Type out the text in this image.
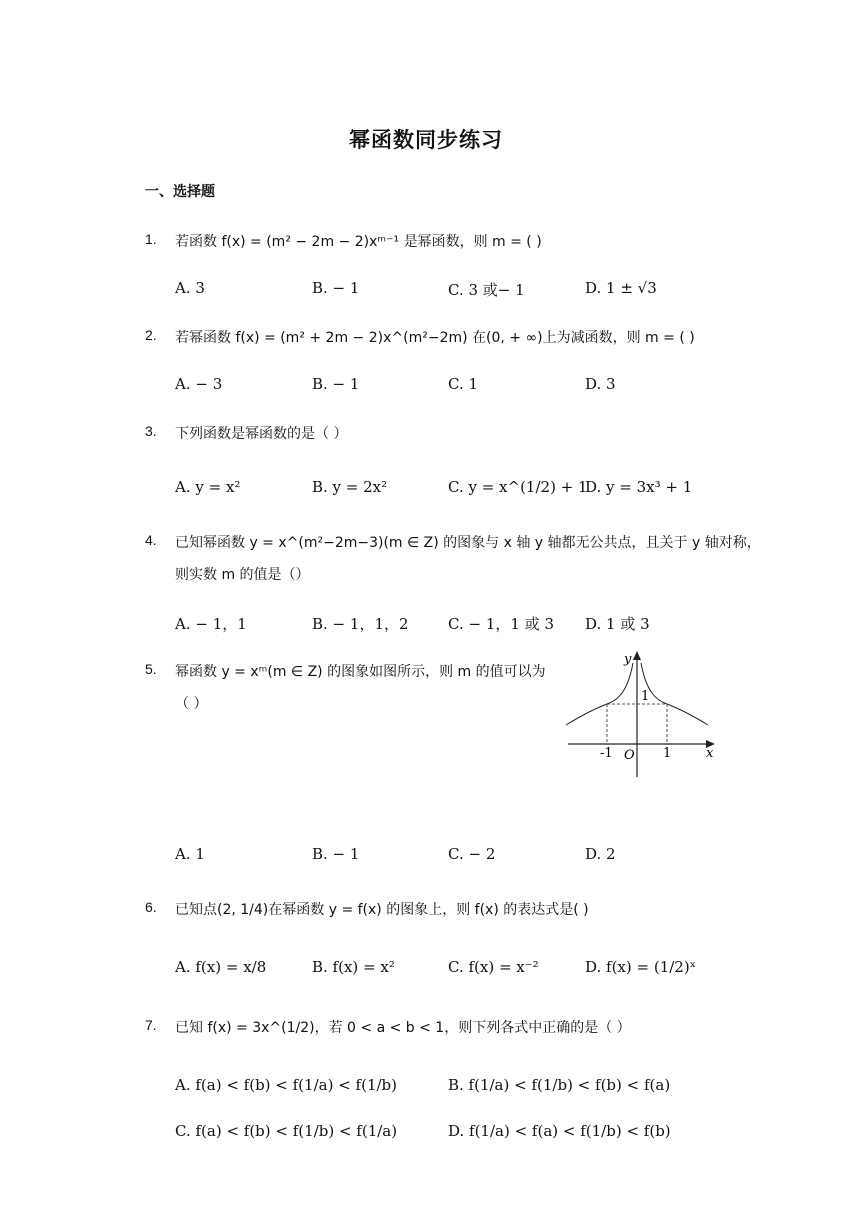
幂函数同步练习
一、选择题
1. 若函数 f(x) = (m² − 2m − 2)xᵐ⁻¹ 是幂函数，则 m = ( )
A. 3	B. − 1	C. 3 或− 1	D. 1 ± √3
2. 若幂函数 f(x) = (m² + 2m − 2)x^(m²−2m) 在(0, + ∞)上为减函数，则 m = ( )
A. − 3	B. − 1	C. 1	D. 3
3. 下列函数是幂函数的是（ ）
A. y = x²	B. y = 2x²	C. y = x^(1/2) + 1
D. y = 3x³ + 1
4. 已知幂函数 y = x^(m²−2m−3)(m ∈ Z) 的图象与 x 轴 y 轴都无公共点，且关于 y 轴对称，
则实数 m 的值是（）
A. − 1，1	B. − 1，1，2	C. − 1，1 或 3 D. 1 或 3
5. 幂函数 y = xᵐ(m ∈ Z) 的图象如图所示，则 m 的值可以为
（ ）
y
x
1
-1	1
O
A. 1	B. − 1	C. − 2	D. 2
6. 已知点(2, 1/4)在幂函数 y = f(x) 的图象上，则 f(x) 的表达式是( )
A. f(x) = x/8	B. f(x) = x²	C. f(x) = x⁻²	D. f(x) = (1/2)ˣ
7. 已知 f(x) = 3x^(1/2)，若 0 < a < b < 1，则下列各式中正确的是（ ）
A. f(a) < f(b) < f(1/a) < f(1/b)	B. f(1/a) < f(1/b) < f(b) < f(a)
C. f(a) < f(b) < f(1/b) < f(1/a)	D. f(1/a) < f(a) < f(1/b) < f(b)
